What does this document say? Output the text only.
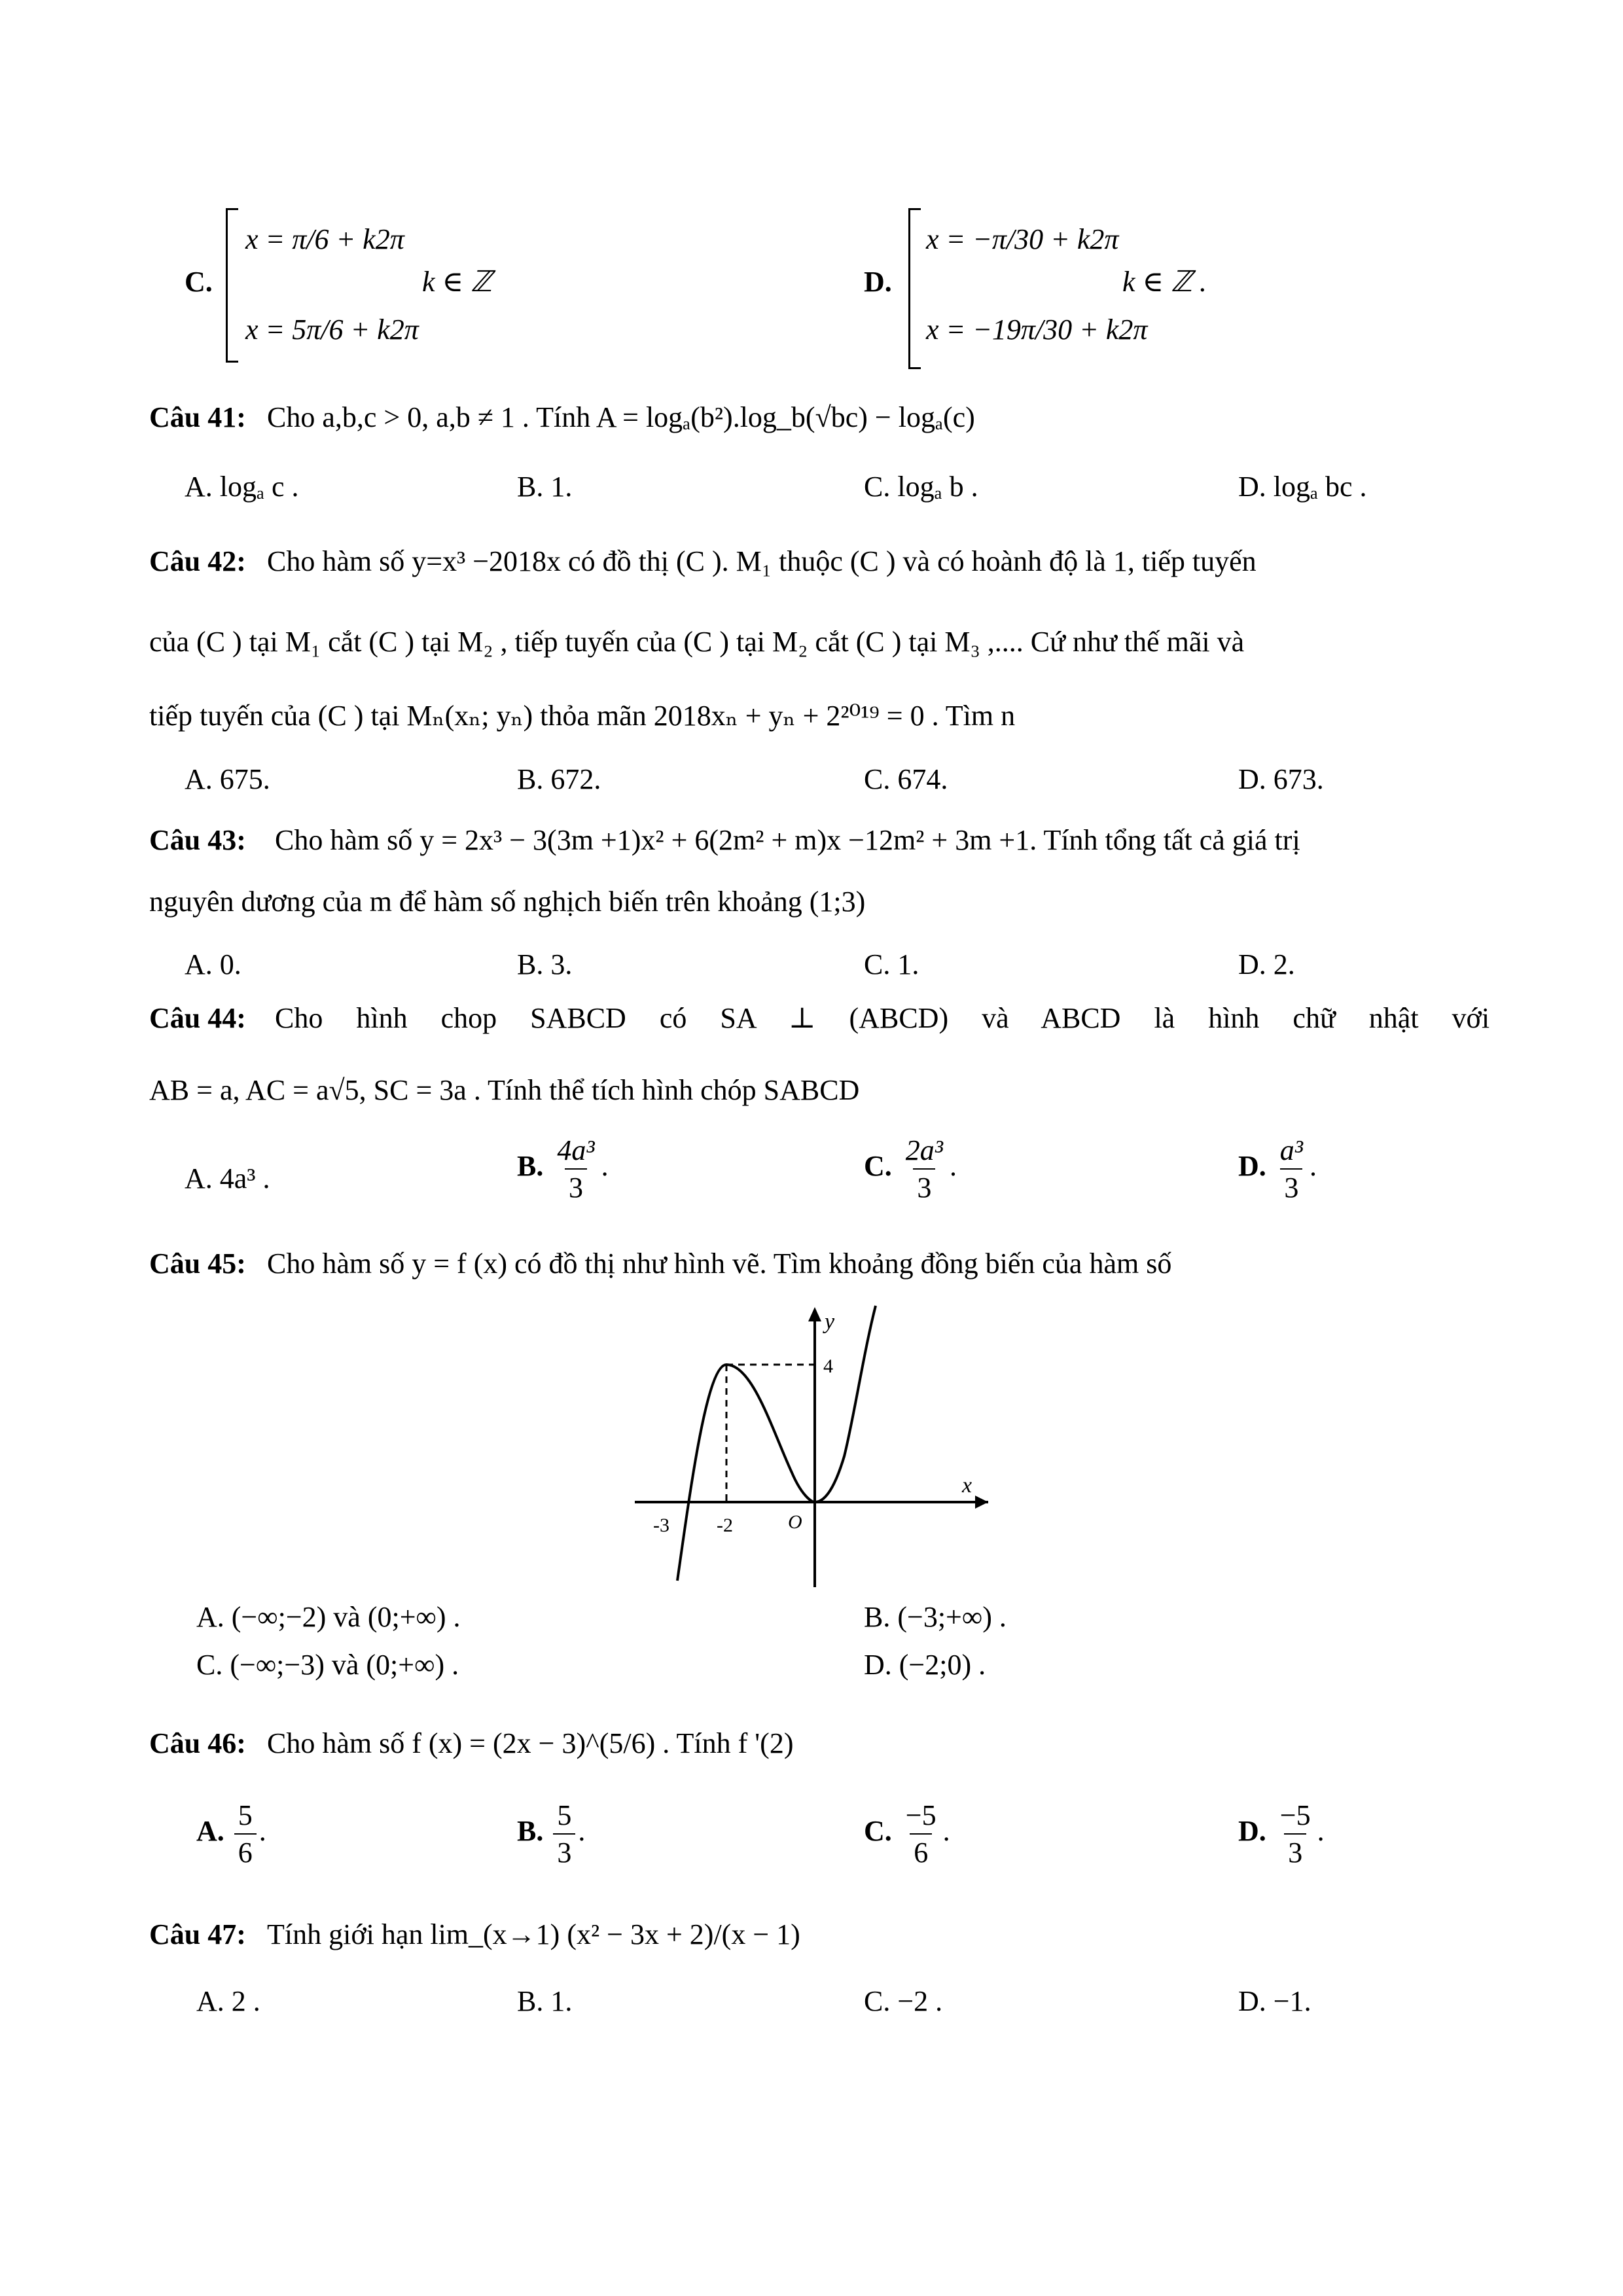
C.
x = π/6 + k2π
x = 5π/6 + k2π
k ∈ ℤ	D.
x = −π/30 + k2π
x = −19π/30 + k2π
k ∈ ℤ .
Câu 41: Cho a,b,c > 0, a,b ≠ 1 . Tính A = logₐ(b²).log_b(√bc) − logₐ(c)
A. logₐ c .	B. 1.	C. logₐ b .	D. logₐ bc .
Câu 42: Cho hàm số y=x³ −2018x có đồ thị (C ). M₁ thuộc (C ) và có hoành độ là 1, tiếp tuyến
của (C ) tại M₁ cắt (C ) tại M₂ , tiếp tuyến của (C ) tại M₂ cắt (C ) tại M₃ ,.... Cứ như thế mãi và
tiếp tuyến của (C ) tại Mₙ(xₙ; yₙ) thỏa mãn 2018xₙ + yₙ + 2²⁰¹⁹ = 0 . Tìm n
A. 675.	B. 672.	C. 674.	D. 673.
Câu 43: Cho hàm số y = 2x³ − 3(3m +1)x² + 6(2m² + m)x −12m² + 3m +1. Tính tổng tất cả giá trị
nguyên dương của m để hàm số nghịch biến trên khoảng (1;3)
A. 0.	B. 3.	C. 1.	D. 2.
Câu 44: Cho hình chop SABCD có SA ⊥ (ABCD) và ABCD là hình chữ nhật với
AB = a, AC = a√5, SC = 3a . Tính thể tích hình chóp SABCD
A. 4a³ .	B. $\frac{\text{4a³}}{3}$ .	C. $\frac{\text{2a³}}{3}$ .	D. $\frac{\text{a³}}{3}$ .
Câu 45: Cho hàm số y = f (x) có đồ thị như hình vẽ. Tìm khoảng đồng biến của hàm số
y
x
4
-3 -2	O
A. (−∞;−2) và (0;+∞) .	B. (−3;+∞) .
C. (−∞;−3) và (0;+∞) .	D. (−2;0) .
Câu 46: Cho hàm số f (x) = (2x − 3)^(5/6) . Tính f '(2)
A. $\frac{5}{6}$ .	B. $\frac{5}{3}$ .	C. $\frac{-5}{6}$ .	D. $\frac{-5}{3}$ .
Câu 47: Tính giới hạn lim_(x→1) (x² − 3x + 2)/(x − 1)
A. 2 .	B. 1.	C. −2 .	D. −1.
